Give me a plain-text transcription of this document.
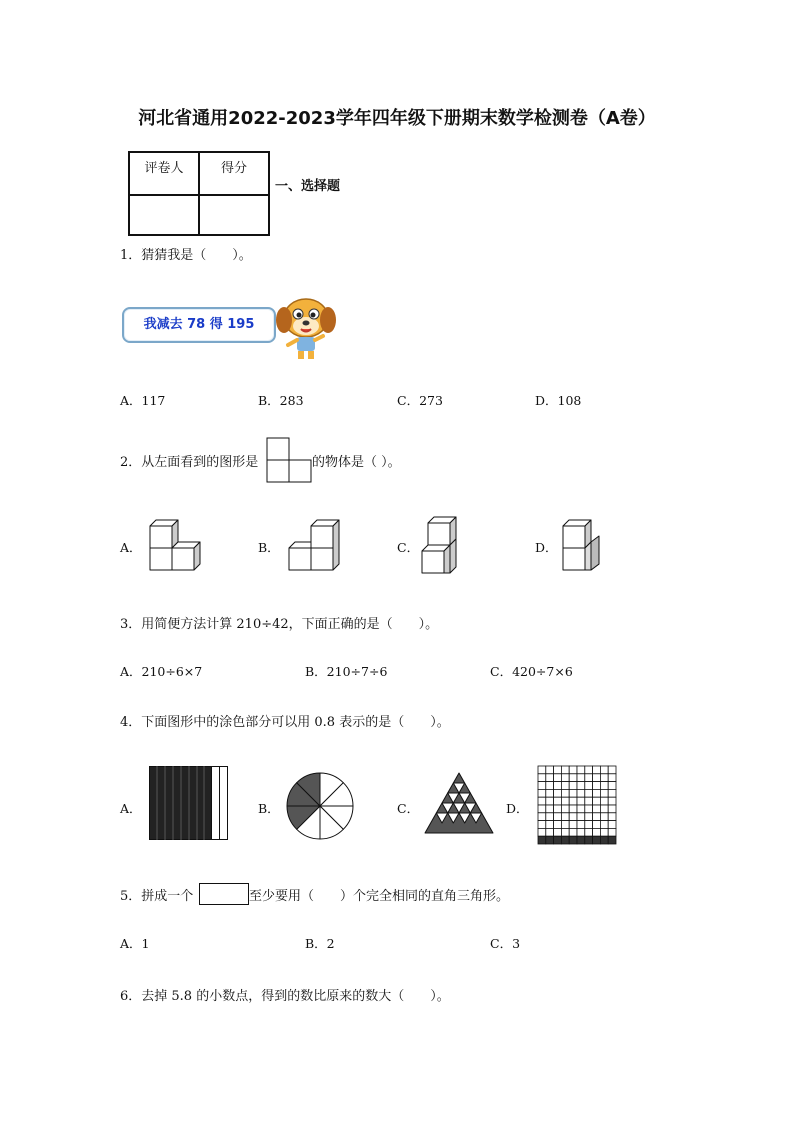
河北省通用2022-2023学年四年级下册期末数学检测卷（A卷）
评卷人	得分

一、选择题
1．猜猜我是（　　）。
我减去 78 得 195
A．117	B．283	C．273	D．108
2．从左面看到的图形是	的物体是（ ）。
A．	B．	C．	D．
3．用简便方法计算 210÷42，下面正确的是（　　）。
A．210÷6×7	B．210÷7÷6	C．420÷7×6
4．下面图形中的涂色部分可以用 0.8 表示的是（　　）。
A．	B．	C．	D．
5．拼成一个	至少要用（　　）个完全相同的直角三角形。
A．1	B．2	C．3
6．去掉 5.8 的小数点，得到的数比原来的数大（　　）。
